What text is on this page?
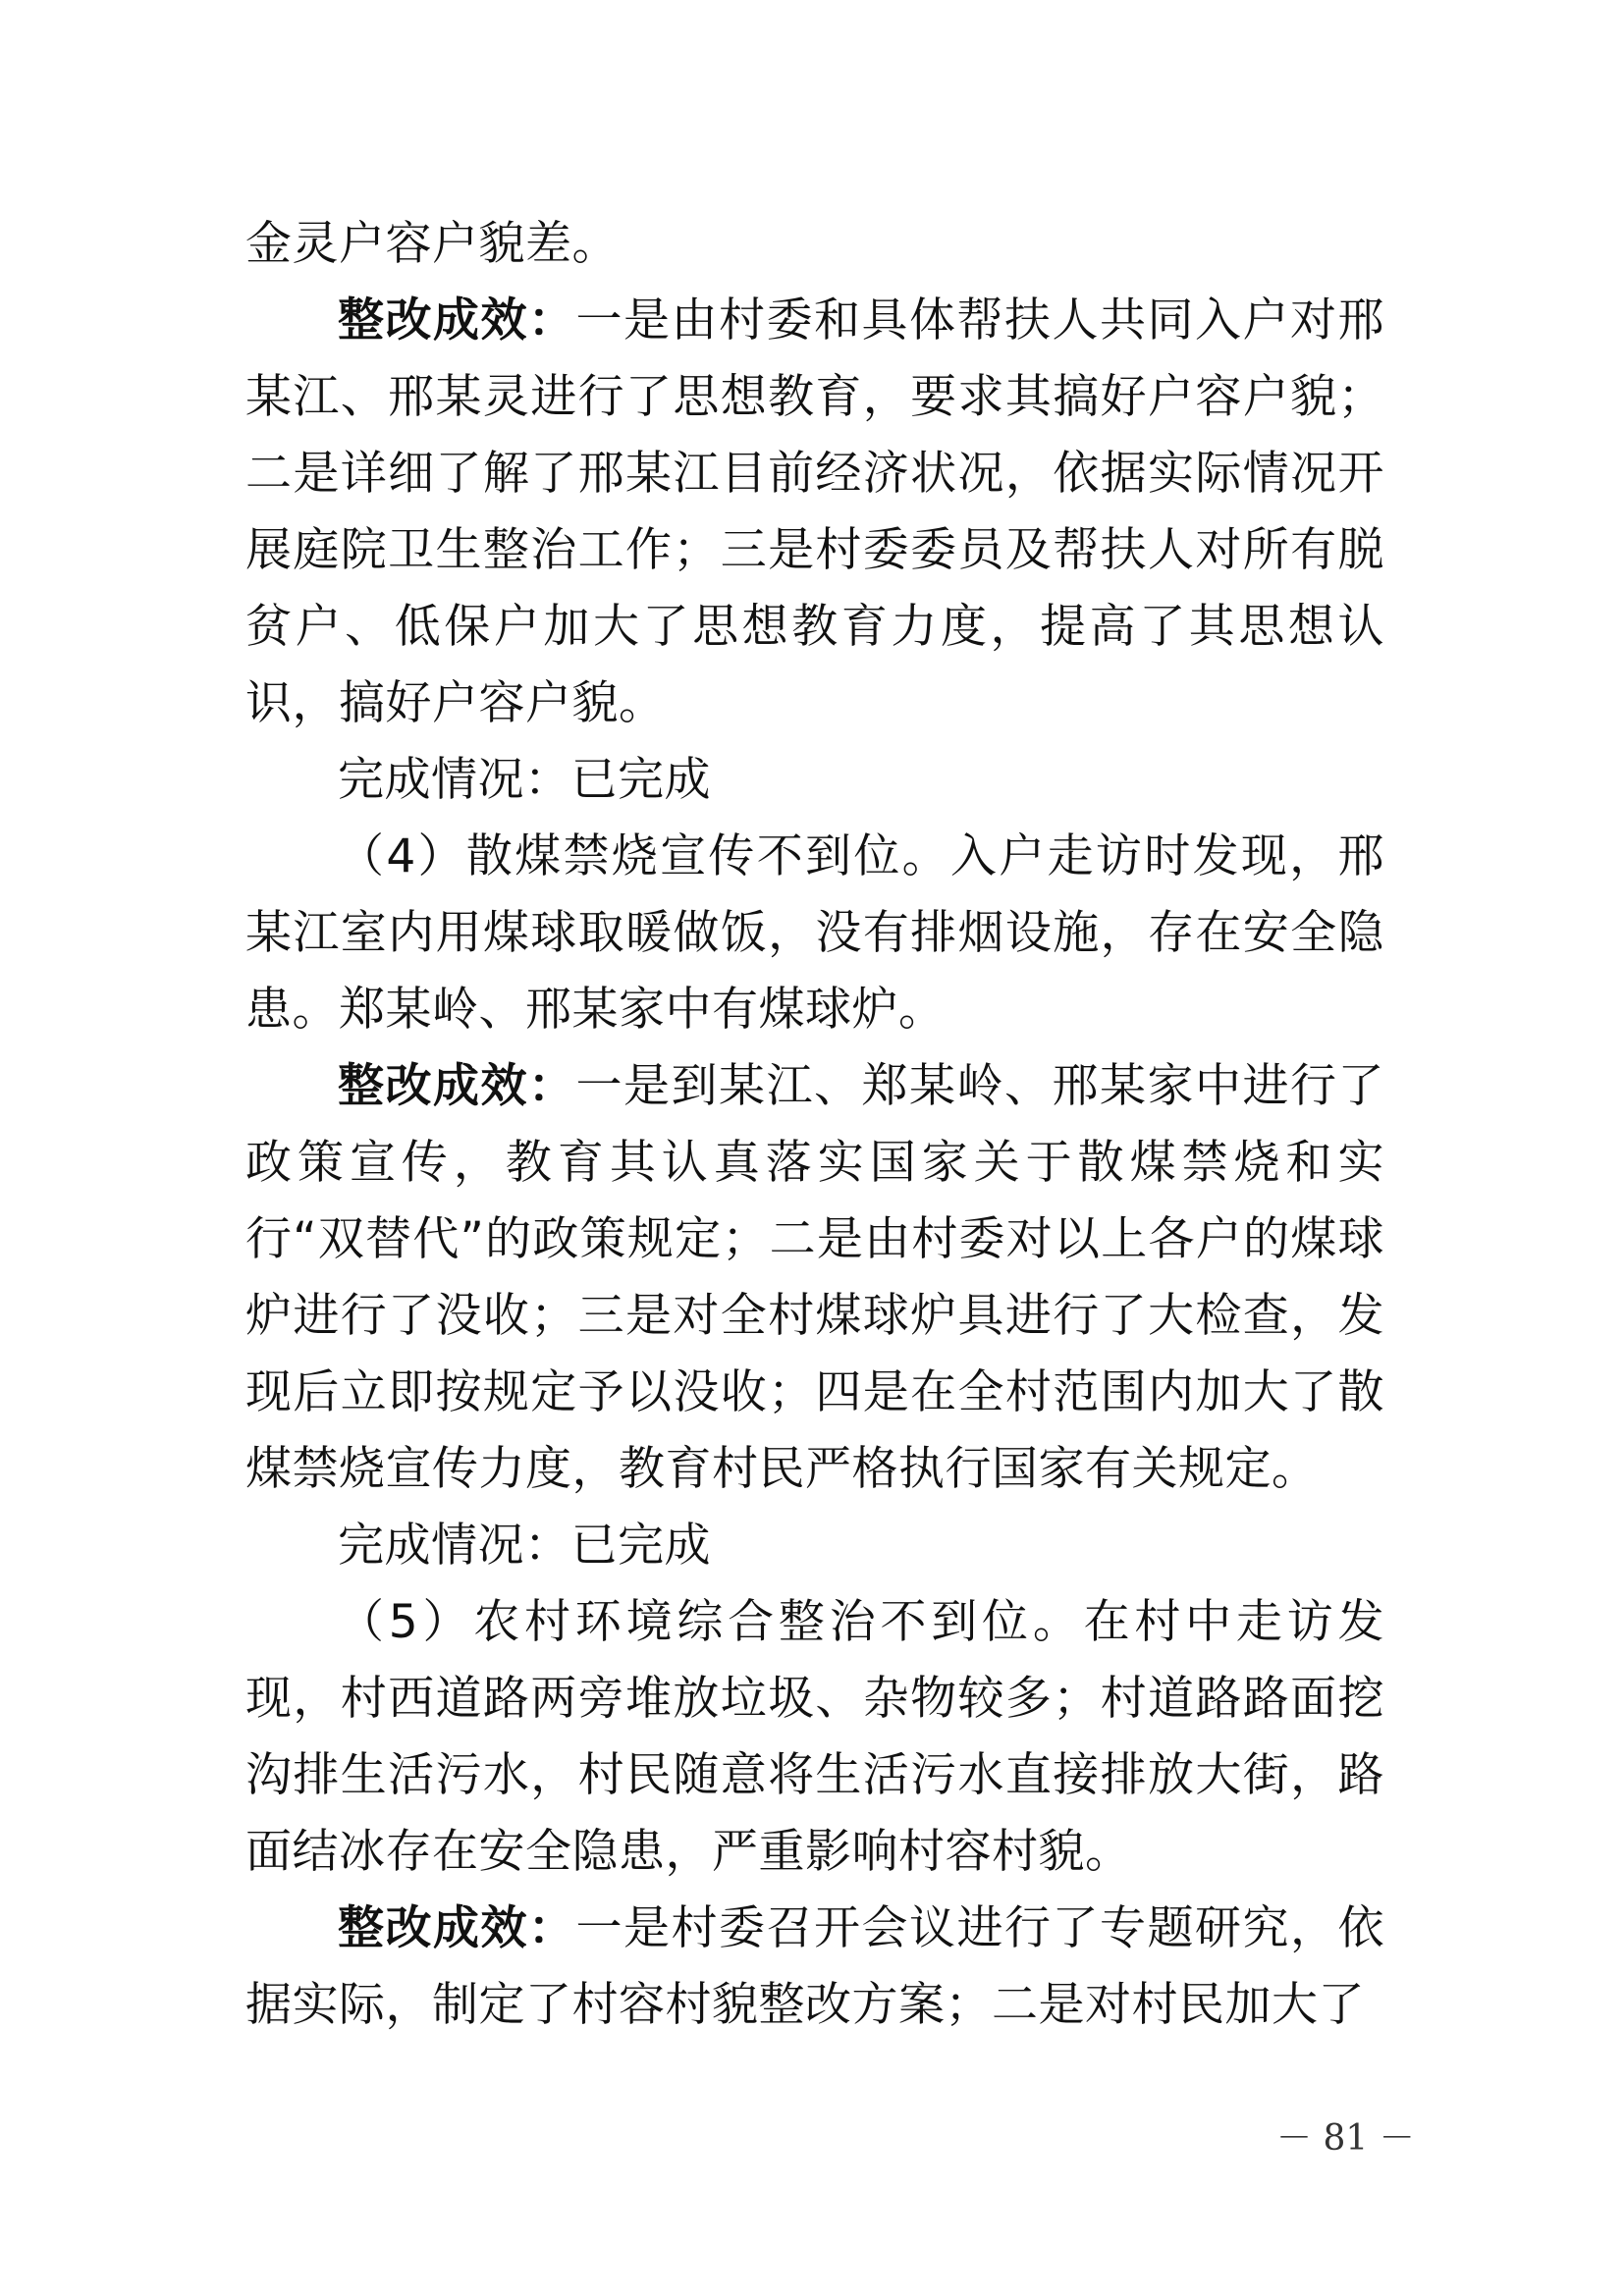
金灵户容户貌差。

整改成效：一是由村委和具体帮扶人共同入户对邢某江、邢某灵进行了思想教育，要求其搞好户容户貌；二是详细了解了邢某江目前经济状况，依据实际情况开展庭院卫生整治工作；三是村委委员及帮扶人对所有脱贫户、低保户加大了思想教育力度，提高了其思想认识，搞好户容户貌。

完成情况：已完成

（4）散煤禁烧宣传不到位。入户走访时发现，邢某江室内用煤球取暖做饭，没有排烟设施，存在安全隐患。郑某岭、邢某家中有煤球炉。

整改成效：一是到某江、郑某岭、邢某家中进行了政策宣传，教育其认真落实国家关于散煤禁烧和实行“双替代”的政策规定；二是由村委对以上各户的煤球炉进行了没收；三是对全村煤球炉具进行了大检查，发现后立即按规定予以没收；四是在全村范围内加大了散煤禁烧宣传力度，教育村民严格执行国家有关规定。

完成情况：已完成

（5）农村环境综合整治不到位。在村中走访发现，村西道路两旁堆放垃圾、杂物较多；村道路路面挖沟排生活污水，村民随意将生活污水直接排放大街，路面结冰存在安全隐患，严重影响村容村貌。

整改成效：一是村委召开会议进行了专题研究，依据实际，制定了村容村貌整改方案；二是对村民加大了

－ 81 －
